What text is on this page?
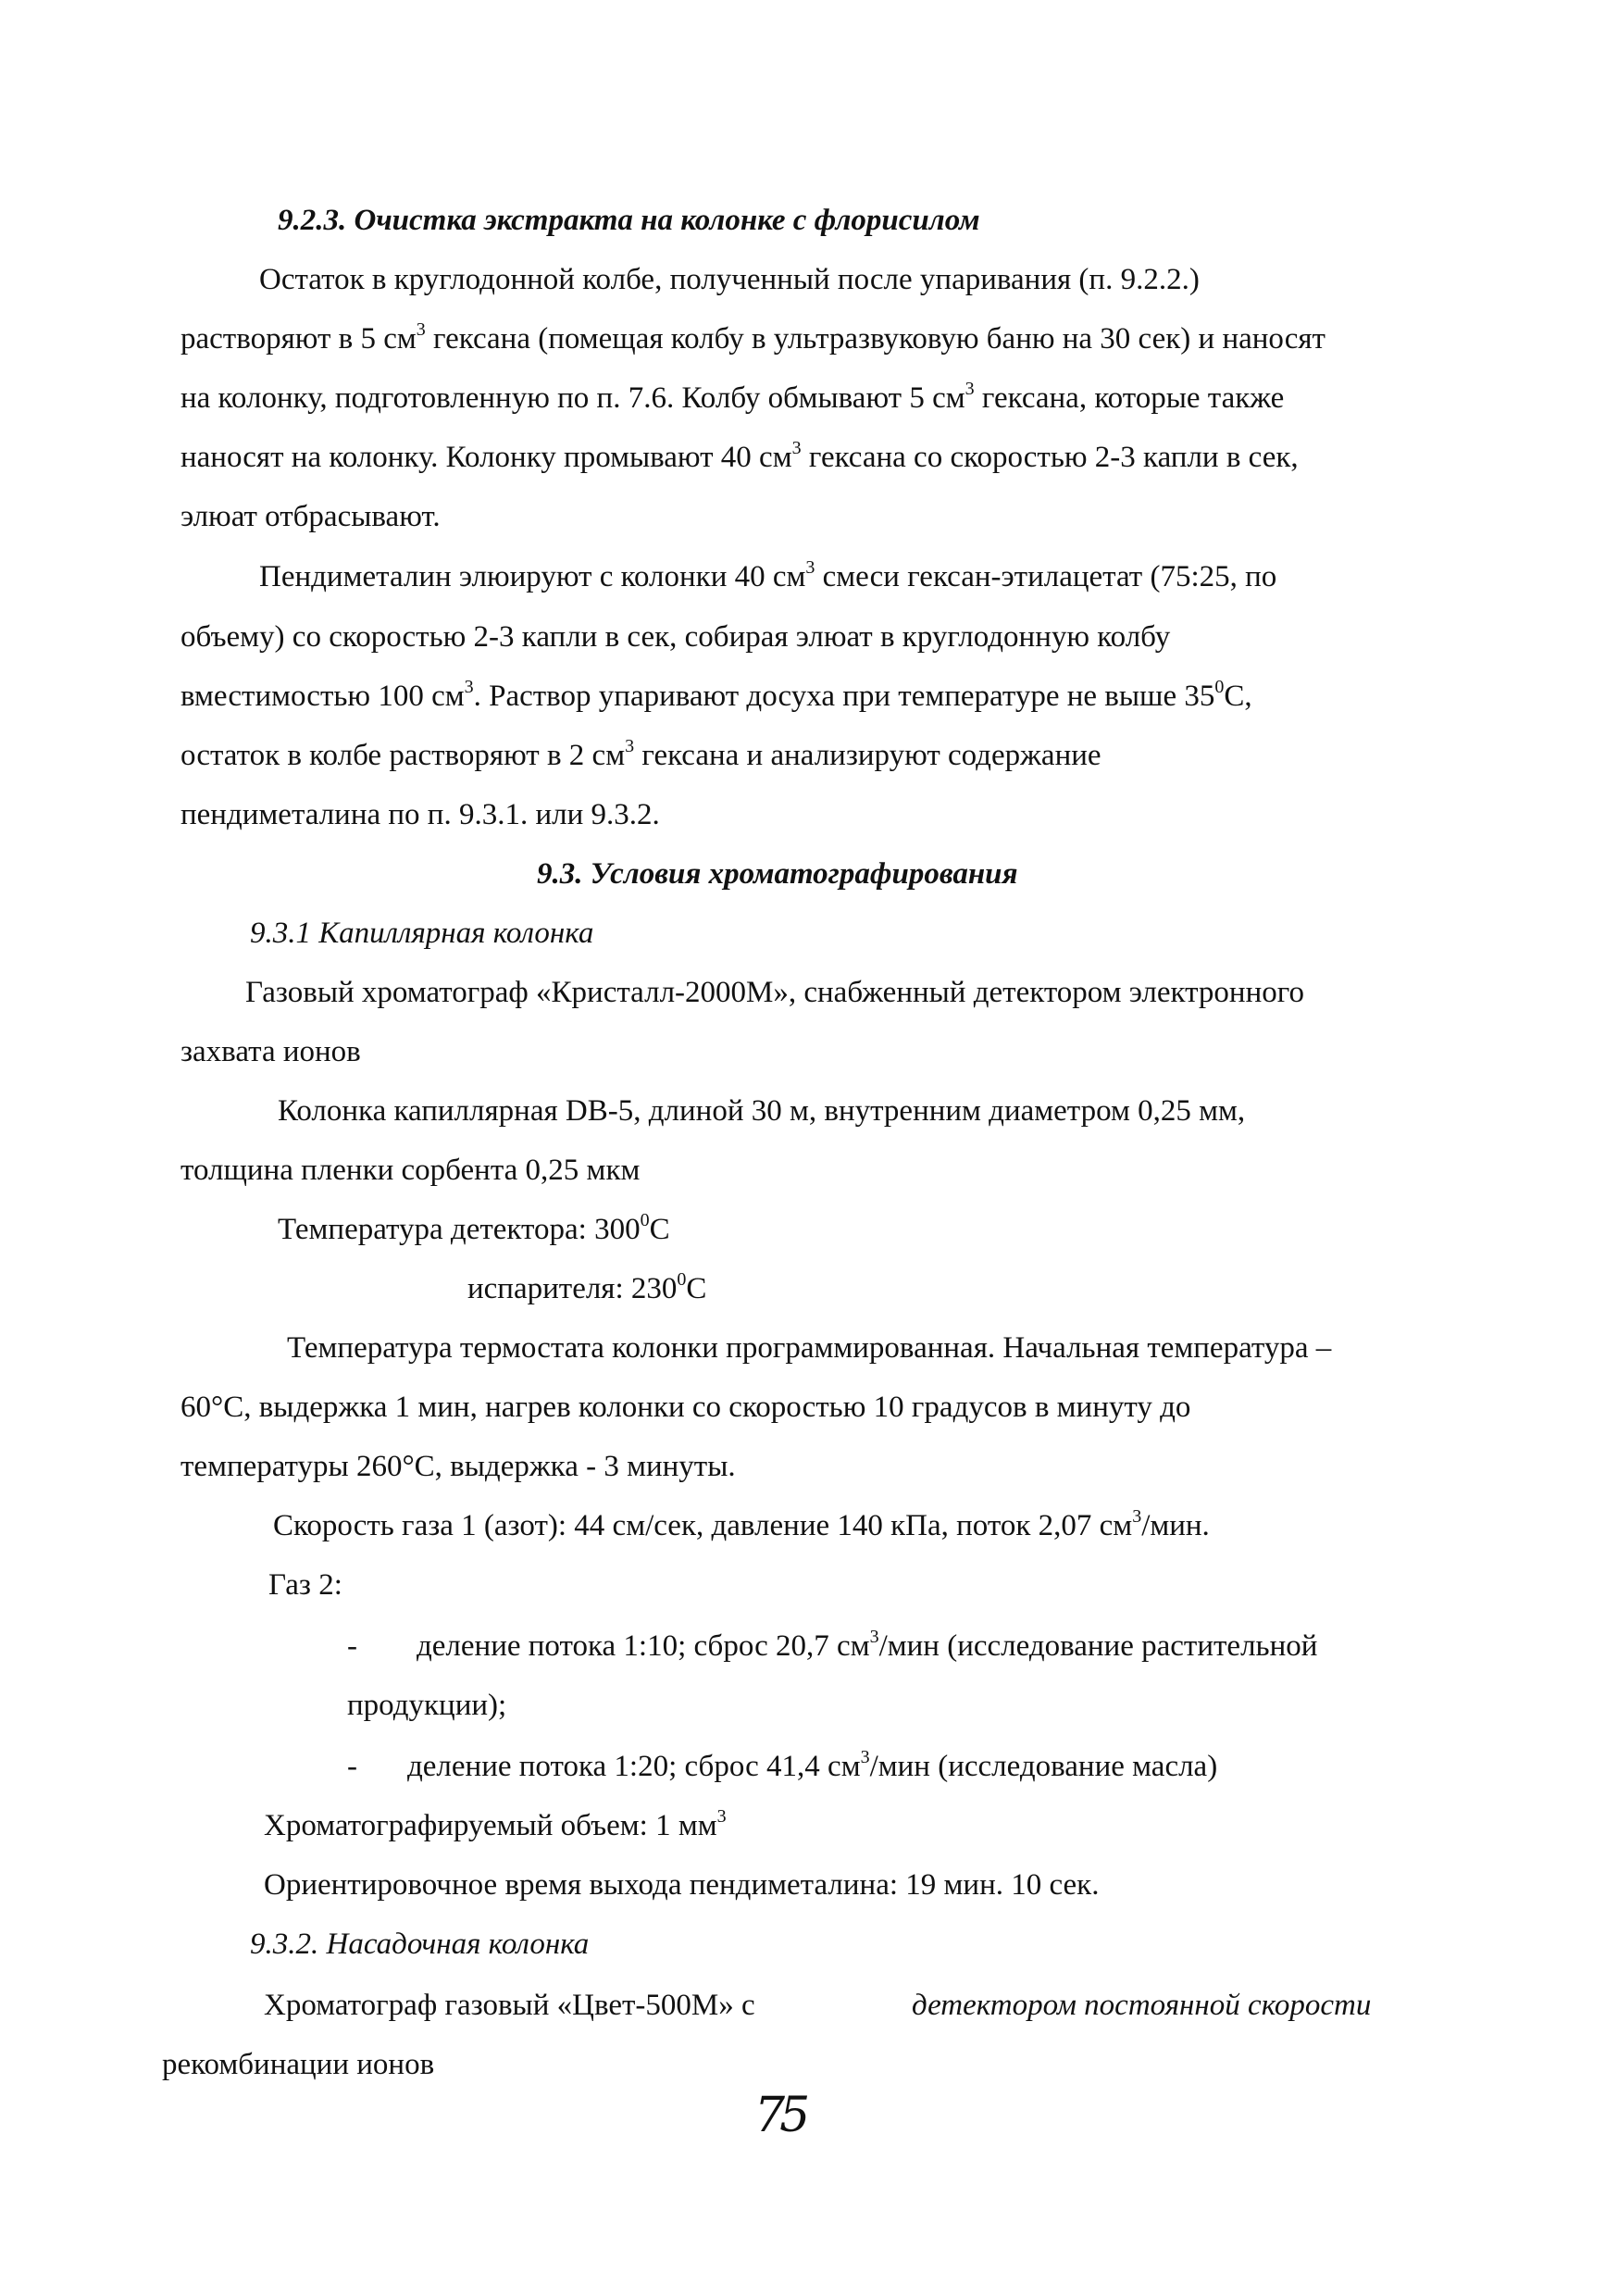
9.2.3. Очистка экстракта на колонке с флорисилом
Остаток в круглодонной колбе, полученный после упаривания (п. 9.2.2.)
растворяют в 5 $см^3$ гексана (помещая колбу в ультразвуковую баню на 30 сек) и наносят
на колонку, подготовленную по п. 7.6. Колбу обмывают 5 $см^3$ гексана, которые также
наносят на колонку. Колонку промывают 40 $см^3$ гексана со скоростью 2-3 капли в сек,
элюат отбрасывают.
Пендиметалин элюируют с колонки 40 $см^3$ смеси гексан-этилацетат (75:25, по
объему) со скоростью 2-3 капли в сек, собирая элюат в круглодонную колбу
вместимостью 100 $см^3$. Раствор упаривают досуха при температуре не выше $35^0С$,
остаток в колбе растворяют в 2 $см^3$ гексана и анализируют содержание
пендиметалина по п. 9.3.1. или 9.3.2.
9.3. Условия хроматографирования
9.3.1 Капиллярная колонка
Газовый хроматограф «Кристалл-2000М», снабженный детектором электронного
захвата ионов
Колонка капиллярная DB-5, длиной 30 м, внутренним диаметром 0,25 мм,
толщина пленки сорбента 0,25 мкм
Температура детектора: $300^0С$
испарителя: $230^0С$
Температура термостата колонки программированная. Начальная температура –
60°С, выдержка 1 мин, нагрев колонки со скоростью 10 градусов в минуту до
температуры 260°С, выдержка - 3 минуты.
Скорость газа 1 (азот): 44 см/сек, давление 140 кПа, поток 2,07 $см^3$/мин.
Газ 2:
- деление потока 1:10; сброс 20,7 $см^3$/мин (исследование растительной
продукции);
- деление потока 1:20; сброс 41,4 $см^3$/мин (исследование масла)
Хроматографируемый объем: 1 $мм^3$
Ориентировочное время выхода пендиметалина: 19 мин. 10 сек.
9.3.2. Насадочная колонка
Хроматограф газовый «Цвет-500М» с	детектором постоянной скорости
рекомбинации ионов
75
